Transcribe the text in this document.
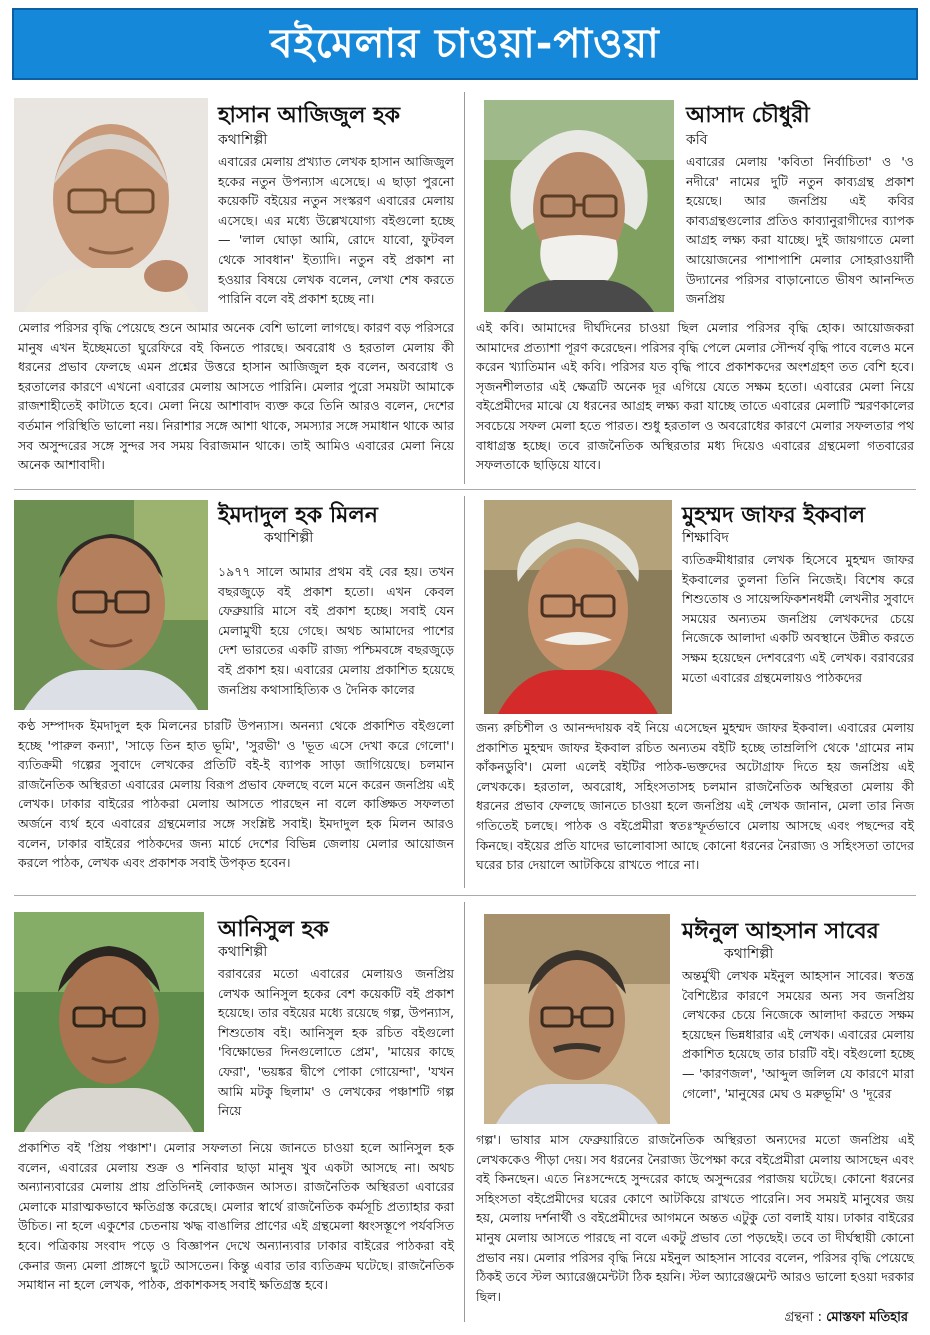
বইমেলার চাওয়া-পাওয়া
হাসান আজিজুল হক
কথাশিল্পী

এবারের মেলায় প্রখ্যাত লেখক হাসান আজিজুল হকের নতুন উপন্যাস এসেছে। এ ছাড়া পুরনো কয়েকটি বইয়ের নতুন সংস্করণ এবারের মেলায় এসেছে। এর মধ্যে উল্লেখযোগ্য বইগুলো হচ্ছে— 'লাল ঘোড়া আমি, রোদে যাবো, ফুটবল থেকে সাবধান' ইত্যাদি। নতুন বই প্রকাশ না হওয়ার বিষয়ে লেখক বলেন, লেখা শেষ করতে পারিনি বলে বই প্রকাশ হচ্ছে না।

মেলার পরিসর বৃদ্ধি পেয়েছে শুনে আমার অনেক বেশি ভালো লাগছে। কারণ বড় পরিসরে মানুষ এখন ইচ্ছেমতো ঘুরেফিরে বই কিনতে পারছে। অবরোধ ও হরতাল মেলায় কী ধরনের প্রভাব ফেলছে এমন প্রশ্নের উত্তরে হাসান আজিজুল হক বলেন, অবরোধ ও হরতালের কারণে এখনো এবারের মেলায় আসতে পারিনি। মেলার পুরো সময়টা আমাকে রাজশাহীতেই কাটাতে হবে। মেলা নিয়ে আশাবাদ ব্যক্ত করে তিনি আরও বলেন, দেশের বর্তমান পরিস্থিতি ভালো নয়। নিরাশার সঙ্গে আশা থাকে, সমস্যার সঙ্গে সমাধান থাকে আর সব অসুন্দরের সঙ্গে সুন্দর সব সময় বিরাজমান থাকে। তাই আমিও এবারের মেলা নিয়ে অনেক আশাবাদী।

আসাদ চৌধুরী
কবি

এবারের মেলায় 'কবিতা নির্বাচিতা' ও 'ও নদীরে' নামের দুটি নতুন কাব্যগ্রন্থ প্রকাশ হয়েছে। আর জনপ্রিয় এই কবির কাব্যগ্রন্থগুলোর প্রতিও কাব্যানুরাগীদের ব্যাপক আগ্রহ লক্ষ্য করা যাচ্ছে। দুই জায়গাতে মেলা আয়োজনের পাশাপাশি মেলার সোহরাওয়ার্দী উদ্যানের পরিসর বাড়ানোতে ভীষণ আনন্দিত জনপ্রিয়

এই কবি। আমাদের দীর্ঘদিনের চাওয়া ছিল মেলার পরিসর বৃদ্ধি হোক। আয়োজকরা আমাদের প্রত্যাশা পূরণ করেছেন। পরিসর বৃদ্ধি পেলে মেলার সৌন্দর্য বৃদ্ধি পাবে বলেও মনে করেন খ্যাতিমান এই কবি। পরিসর যত বৃদ্ধি পাবে প্রকাশকদের অংশগ্রহণ তত বেশি হবে। সৃজনশীলতার এই ক্ষেত্রটি অনেক দূর এগিয়ে যেতে সক্ষম হতো। এবারের মেলা নিয়ে বইপ্রেমীদের মাঝে যে ধরনের আগ্রহ লক্ষ্য করা যাচ্ছে তাতে এবারের মেলাটি স্মরণকালের সবচেয়ে সফল মেলা হতে পারত। শুধু হরতাল ও অবরোধের কারণে মেলার সফলতার পথ বাধাগ্রস্ত হচ্ছে। তবে রাজনৈতিক অস্থিরতার মধ্য দিয়েও এবারের গ্রন্থমেলা গতবারের সফলতাকে ছাড়িয়ে যাবে।

ইমদাদুল হক মিলন
কথাশিল্পী

১৯৭৭ সালে আমার প্রথম বই বের হয়। তখন বছরজুড়ে বই প্রকাশ হতো। এখন কেবল ফেব্রুয়ারি মাসে বই প্রকাশ হচ্ছে। সবাই যেন মেলামুখী হয়ে গেছে। অথচ আমাদের পাশের দেশ ভারতের একটি রাজ্য পশ্চিমবঙ্গে বছরজুড়ে বই প্রকাশ হয়। এবারের মেলায় প্রকাশিত হয়েছে জনপ্রিয় কথাসাহিত্যিক ও দৈনিক কালের

কণ্ঠ সম্পাদক ইমদাদুল হক মিলনের চারটি উপন্যাস। অনন্যা থেকে প্রকাশিত বইগুলো হচ্ছে 'পারুল কন্যা', 'সাড়ে তিন হাত ভূমি', 'সুরভী' ও 'ভূত এসে দেখা করে গেলো'। ব্যতিক্রমী গল্পের সুবাদে লেখকের প্রতিটি বই-ই ব্যাপক সাড়া জাগিয়েছে। চলমান রাজনৈতিক অস্থিরতা এবারের মেলায় বিরূপ প্রভাব ফেলছে বলে মনে করেন জনপ্রিয় এই লেখক। ঢাকার বাইরের পাঠকরা মেলায় আসতে পারছেন না বলে কাঙ্ক্ষিত সফলতা অর্জনে ব্যর্থ হবে এবারের গ্রন্থমেলার সঙ্গে সংশ্লিষ্ট সবাই। ইমদাদুল হক মিলন আরও বলেন, ঢাকার বাইরের পাঠকদের জন্য মার্চে দেশের বিভিন্ন জেলায় মেলার আয়োজন করলে পাঠক, লেখক এবং প্রকাশক সবাই উপকৃত হবেন।

মুহম্মদ জাফর ইকবাল
শিক্ষাবিদ

ব্যতিক্রমীধারার লেখক হিসেবে মুহম্মদ জাফর ইকবালের তুলনা তিনি নিজেই। বিশেষ করে শিশুতোষ ও সায়েন্সফিকশনধর্মী লেখনীর সুবাদে সময়ের অন্যতম জনপ্রিয় লেখকদের চেয়ে নিজেকে আলাদা একটি অবস্থানে উন্নীত করতে সক্ষম হয়েছেন দেশবরেণ্য এই লেখক। বরাবরের মতো এবারের গ্রন্থমেলায়ও পাঠকদের

জন্য রুচিশীল ও আনন্দদায়ক বই নিয়ে এসেছেন মুহম্মদ জাফর ইকবাল। এবারের মেলায় প্রকাশিত মুহম্মদ জাফর ইকবাল রচিত অন্যতম বইটি হচ্ছে তাম্রলিপি থেকে 'গ্রামের নাম কাঁকনডুবি'। মেলা এলেই বইটির পাঠক-ভক্তদের অটোগ্রাফ দিতে হয় জনপ্রিয় এই লেখককে। হরতাল, অবরোধ, সহিংসতাসহ চলমান রাজনৈতিক অস্থিরতা মেলায় কী ধরনের প্রভাব ফেলছে জানতে চাওয়া হলে জনপ্রিয় এই লেখক জানান, মেলা তার নিজ গতিতেই চলছে। পাঠক ও বইপ্রেমীরা স্বতঃস্ফূর্তভাবে মেলায় আসছে এবং পছন্দের বই কিনছে। বইয়ের প্রতি যাদের ভালোবাসা আছে কোনো ধরনের নৈরাজ্য ও সহিংসতা তাদের ঘরের চার দেয়ালে আটকিয়ে রাখতে পারে না।

আনিসুল হক
কথাশিল্পী

বরাবরের মতো এবারের মেলায়ও জনপ্রিয় লেখক আনিসুল হকের বেশ কয়েকটি বই প্রকাশ হয়েছে। তার বইয়ের মধ্যে রয়েছে গল্প, উপন্যাস, শিশুতোষ বই। আনিসুল হক রচিত বইগুলো 'বিক্ষোভের দিনগুলোতে প্রেম', 'মায়ের কাছে ফেরা', 'ভয়ঙ্কর দ্বীপে পোকা গোয়েন্দা', 'যখন আমি মটকু ছিলাম' ও লেখকের পঞ্চাশটি গল্প নিয়ে

প্রকাশিত বই 'প্রিয় পঞ্চাশ'। মেলার সফলতা নিয়ে জানতে চাওয়া হলে আনিসুল হক বলেন, এবারের মেলায় শুক্র ও শনিবার ছাড়া মানুষ খুব একটা আসছে না। অথচ অন্যান্যবারের মেলায় প্রায় প্রতিদিনই লোকজন আসত। রাজনৈতিক অস্থিরতা এবারের মেলাকে মারাত্মকভাবে ক্ষতিগ্রস্ত করেছে। মেলার স্বার্থে রাজনৈতিক কর্মসূচি প্রত্যাহার করা উচিত। না হলে একুশের চেতনায় ঋদ্ধ বাঙালির প্রাণের এই গ্রন্থমেলা ধ্বংসস্তূপে পর্যবসিত হবে। পত্রিকায় সংবাদ পড়ে ও বিজ্ঞাপন দেখে অন্যান্যবার ঢাকার বাইরের পাঠকরা বই কেনার জন্য মেলা প্রাঙ্গণে ছুটে আসতেন। কিন্তু এবার তার ব্যতিক্রম ঘটেছে। রাজনৈতিক সমাধান না হলে লেখক, পাঠক, প্রকাশকসহ সবাই ক্ষতিগ্রস্ত হবে।

মঈনুল আহসান সাবের
কথাশিল্পী

অন্তর্মুখী লেখক মইনুল আহসান সাবের। স্বতন্ত্র বৈশিষ্ট্যের কারণে সময়ের অন্য সব জনপ্রিয় লেখকের চেয়ে নিজেকে আলাদা করতে সক্ষম হয়েছেন ভিন্নধারার এই লেখক। এবারের মেলায় প্রকাশিত হয়েছে তার চারটি বই। বইগুলো হচ্ছে— 'কারণজল', 'আব্দুল জলিল যে কারণে মারা গেলো', 'মানুষের মেঘ ও মরুভূমি' ও 'দূরের

গল্প'। ভাষার মাস ফেব্রুয়ারিতে রাজনৈতিক অস্থিরতা অন্যদের মতো জনপ্রিয় এই লেখককেও পীড়া দেয়। সব ধরনের নৈরাজ্য উপেক্ষা করে বইপ্রেমীরা মেলায় আসছেন এবং বই কিনছেন। এতে নিঃসন্দেহে সুন্দরের কাছে অসুন্দরের পরাজয় ঘটেছে। কোনো ধরনের সহিংসতা বইপ্রেমীদের ঘরের কোণে আটকিয়ে রাখতে পারেনি। সব সময়ই মানুষের জয় হয়, মেলায় দর্শনার্থী ও বইপ্রেমীদের আগমনে অন্তত এটুকু তো বলাই যায়। ঢাকার বাইরের মানুষ মেলায় আসতে পারছে না বলে একটু প্রভাব তো পড়ছেই। তবে তা দীর্ঘস্থায়ী কোনো প্রভাব নয়। মেলার পরিসর বৃদ্ধি নিয়ে মইনুল আহসান সাবের বলেন, পরিসর বৃদ্ধি পেয়েছে ঠিকই তবে স্টল অ্যারেঞ্জমেন্টটা ঠিক হয়নি। স্টল অ্যারেঞ্জমেন্ট আরও ভালো হওয়া দরকার ছিল।

গ্রন্থনা : মোস্তফা মতিহার
